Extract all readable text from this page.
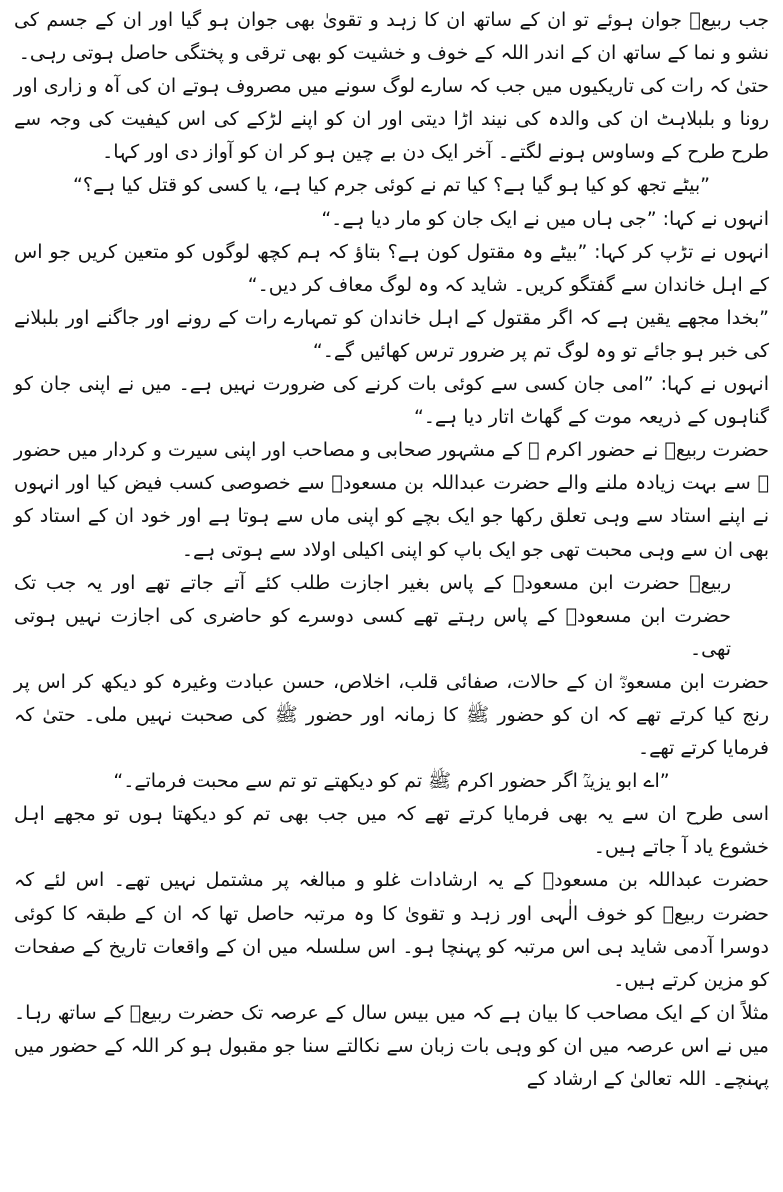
جب ربیعؒ جوان ہوئے تو ان کے ساتھ ان کا زہد و تقویٰ بھی جوان ہو گیا اور ان کے جسم کی نشو و نما کے ساتھ ان کے اندر اللہ کے خوف و خشیت کو بھی ترقی و پختگی حاصل ہوتی رہی۔

حتیٰ کہ رات کی تاریکیوں میں جب کہ سارے لوگ سونے میں مصروف ہوتے ان کی آہ و زاری اور رونا و بلبلاہٹ ان کی والدہ کی نیند اڑا دیتی اور ان کو اپنے لڑکے کی اس کیفیت کی وجہ سے طرح طرح کے وساوس ہونے لگتے۔ آخر ایک دن بے چین ہو کر ان کو آواز دی اور کہا۔

”بیٹے تجھ کو کیا ہو گیا ہے؟ کیا تم نے کوئی جرم کیا ہے، یا کسی کو قتل کیا ہے؟“

انہوں نے کہا: ”جی ہاں میں نے ایک جان کو مار دیا ہے۔“

انہوں نے تڑپ کر کہا: ”بیٹے وہ مقتول کون ہے؟ بتاؤ کہ ہم کچھ لوگوں کو متعین کریں جو اس کے اہل خاندان سے گفتگو کریں۔ شاید کہ وہ لوگ معاف کر دیں۔“

”بخدا مجھے یقین ہے کہ اگر مقتول کے اہل خاندان کو تمہارے رات کے رونے اور جاگنے اور بلبلانے کی خبر ہو جائے تو وہ لوگ تم پر ضرور ترس کھائیں گے۔“

انہوں نے کہا: ”امی جان کسی سے کوئی بات کرنے کی ضرورت نہیں ہے۔ میں نے اپنی جان کو گناہوں کے ذریعہ موت کے گھاٹ اتار دیا ہے۔“

حضرت ربیعؒ نے حضور اکرم ﷺ کے مشہور صحابی و مصاحب اور اپنی سیرت و کردار میں حضور ﷺ سے بہت زیادہ ملنے والے حضرت عبداللہ بن مسعودؓ سے خصوصی کسب فیض کیا اور انہوں نے اپنے استاد سے وہی تعلق رکھا جو ایک بچے کو اپنی ماں سے ہوتا ہے اور خود ان کے استاد کو بھی ان سے وہی محبت تھی جو ایک باپ کو اپنی اکیلی اولاد سے ہوتی ہے۔

ربیعؒ حضرت ابن مسعودؓ کے پاس بغیر اجازت طلب کئے آتے جاتے تھے اور یہ جب تک حضرت ابن مسعودؓ کے پاس رہتے تھے کسی دوسرے کو حاضری کی اجازت نہیں ہوتی تھی۔

حضرت ابن مسعودؓ ان کے حالات، صفائی قلب، اخلاص، حسن عبادت وغیرہ کو دیکھ کر اس پر رنج کیا کرتے تھے کہ ان کو حضور ﷺ کا زمانہ اور حضور ﷺ کی صحبت نہیں ملی۔ حتیٰ کہ فرمایا کرتے تھے۔

”اے ابو یزیدؒ اگر حضور اکرم ﷺ تم کو دیکھتے تو تم سے محبت فرماتے۔“

اسی طرح ان سے یہ بھی فرمایا کرتے تھے کہ میں جب بھی تم کو دیکھتا ہوں تو مجھے اہل خشوع یاد آ جاتے ہیں۔

حضرت عبداللہ بن مسعودؓ کے یہ ارشادات غلو و مبالغہ پر مشتمل نہیں تھے۔ اس لئے کہ حضرت ربیعؒ کو خوف الٰہی اور زہد و تقویٰ کا وہ مرتبہ حاصل تھا کہ ان کے طبقہ کا کوئی دوسرا آدمی شاید ہی اس مرتبہ کو پہنچا ہو۔ اس سلسلہ میں ان کے واقعات تاریخ کے صفحات کو مزین کرتے ہیں۔

مثلاً ان کے ایک مصاحب کا بیان ہے کہ میں بیس سال کے عرصہ تک حضرت ربیعؒ کے ساتھ رہا۔ میں نے اس عرصہ میں ان کو وہی بات زبان سے نکالتے سنا جو مقبول ہو کر اللہ کے حضور میں پہنچے۔ اللہ تعالیٰ کے ارشاد کے
